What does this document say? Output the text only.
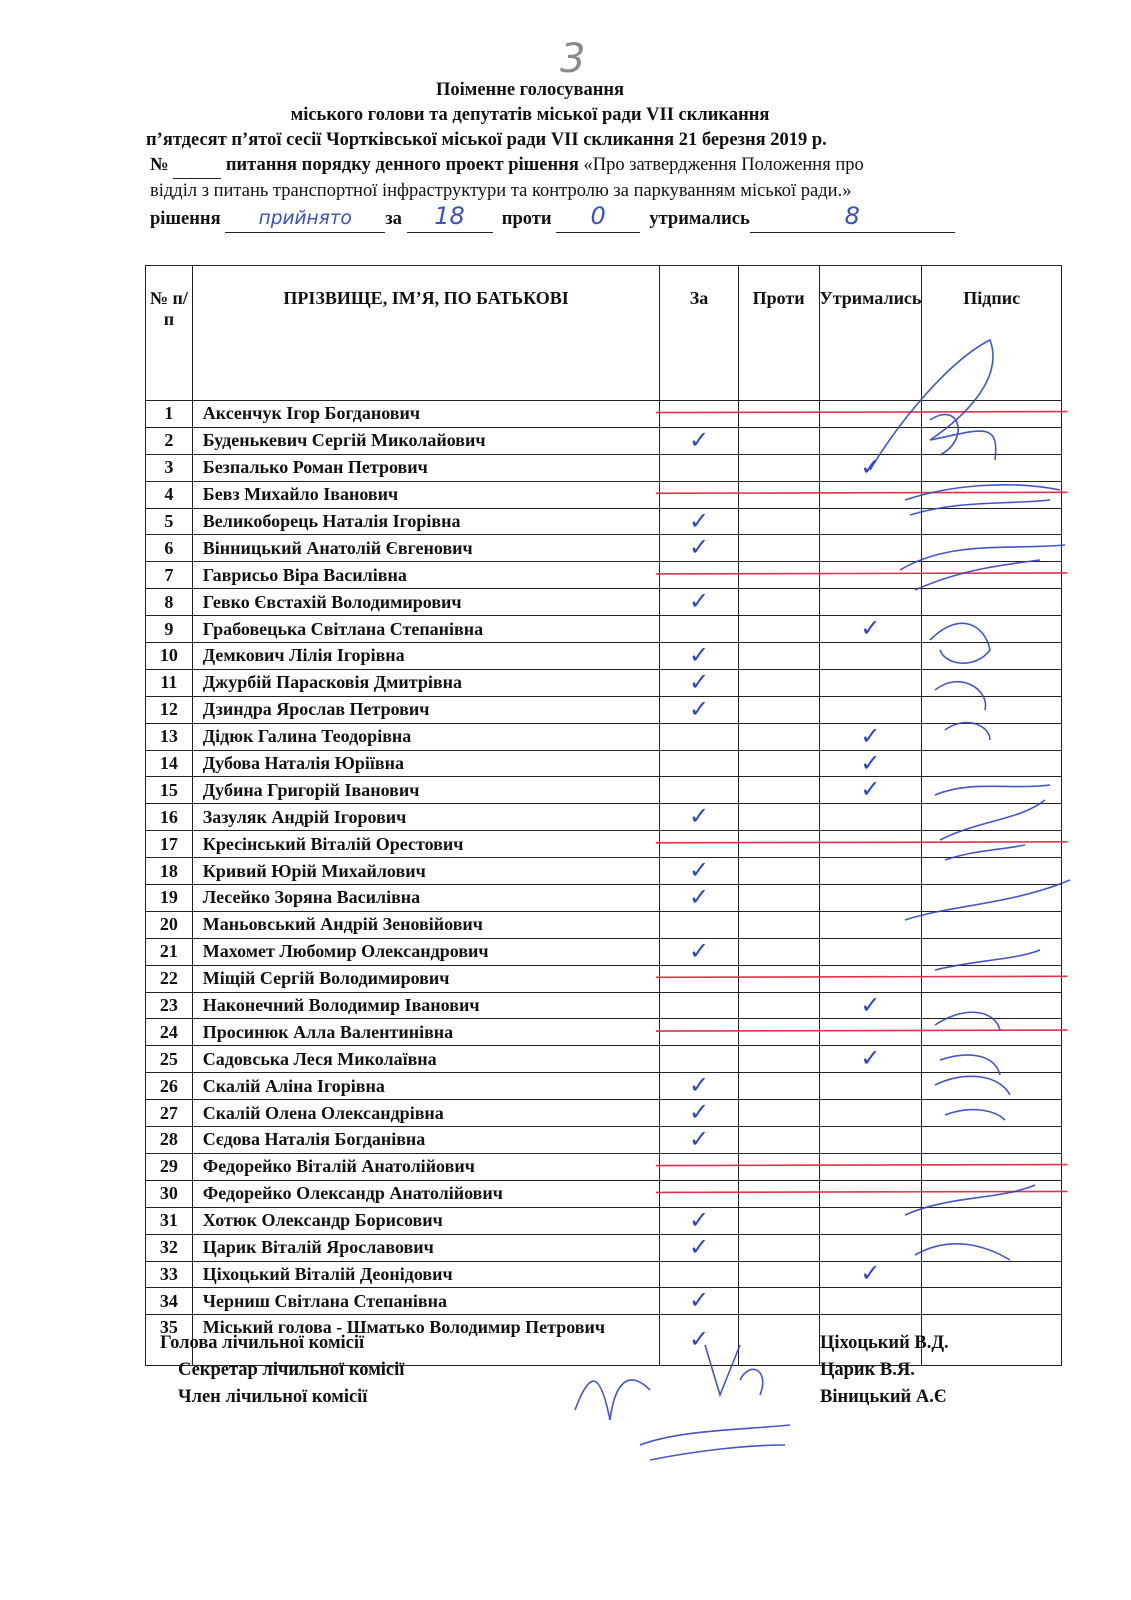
3
Поіменне голосування
міського голови та депутатів міської ради VII скликання
п’ятдесят п’ятої сесії Чортківської міської ради VII скликання 21 березня 2019 р.
№	питання порядку денного проект рішення «Про затвердження Положення про
відділ з питань транспортної інфраструктури та контролю за паркуванням міської ради.»
рішення прийнято за 18 проти 0 утримались	8
№ п/п	ПРІЗВИЩЕ, ІМ’Я, ПО БАТЬКОВІ	За	Проти	Утримались	Підпис
1	Аксенчук Ігор Богданович				
2	Буденькевич Сергій Миколайович	✓			

3	Безпалько Роман Петрович			✓	

4	Бевз Михайло Іванович				
5	Великоборець Наталія Ігорівна	✓			

6	Вінницький Анатолій Євгенович	✓			

7	Гаврисьо Віра Василівна				
8	Гевко Євстахій Володимирович	✓			

9	Грабовецька Світлана Степанівна			✓	

10	Демкович Лілія Ігорівна	✓			

11	Джурбій Парасковія Дмитрівна	✓			

12	Дзиндра Ярослав Петрович	✓			

13	Дідюк Галина Теодорівна			✓	

14	Дубова Наталія Юріївна			✓	

15	Дубина Григорій Іванович			✓	

16	Зазуляк Андрій Ігорович	✓			

17	Кресінський Віталій Орестович				
18	Кривий Юрій Михайлович	✓			

19	Лесейко Зоряна Василівна	✓			

20	Маньовський Андрій Зеновійович				
21	Махомет Любомир Олександрович	✓			

22	Міщій Сергій Володимирович				
23	Наконечний Володимир Іванович			✓	

24	Просинюк Алла Валентинівна				
25	Садовська Леся Миколаївна			✓	

26	Скалій Аліна Ігорівна	✓			

27	Скалій Олена Олександрівна	✓			

28	Сєдова Наталія Богданівна	✓			

29	Федорейко Віталій Анатолійович				
30	Федорейко Олександр Анатолійович				
31	Хотюк Олександр Борисович	✓			

32	Царик Віталій Ярославович	✓			

33	Ціхоцький Віталій Деонідович			✓	

34	Черниш Світлана Степанівна	✓			

35	Міський голова - Шматько Володимир Петрович	✓			

Голова лічильної комісії	Ціхоцький В.Д.
Секретар лічильної комісії	Царик В.Я.
Член лічильної комісії	Віницький А.Є
